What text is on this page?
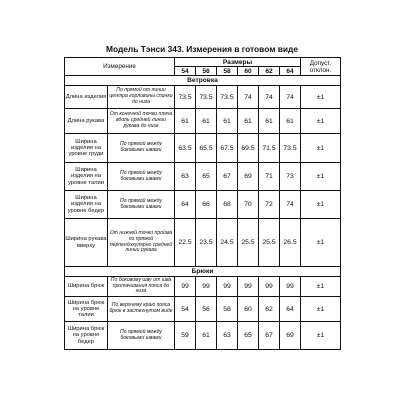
Модель Тэнси 343. Измерения в готовом виде
Измерение		Размеры						Допуст. отклон.
		54	56	58	60	62	64	
Ветровка								
Длина изделия	По прямой от линии центра горловины спинки до низа	73.5	73.5	73.5	74	74	74	±1
Длина рукава	От конечной точки плеча вдоль средней линии рукава до низа	61	61	61	61	61	61	±1
Ширина изделия на уровне груди	По прямой между боковыми швами	63.5	65.5	67.5	69.5	71.5	73.5	±1
Ширина изделия на уровне талии	По прямой между боковыми швами	63	65	67	69	71	73	±1
Ширина изделия на уровне бедер	По прямой между боковыми швами	64	66	68	70	72	74	±1
Ширина рукава вверху	От нижней точки пройма по прямой перпендикулярно средней линии рукава	22.5	23.5	24.5	25.5	25.5	26.5	±1
Брюки								
Ширина брюк	По боковому шву от шва притачивания пояса до низа	99	99	99	99	99	99	±1
Ширина брюк на уровне талии	По верхнему краю пояса брюк в застегнутом виде	54	56	58	60	62	64	±1
Ширина брюк на уровне бедер	По прямой между боковыми швами	59	61	63	65	67	69	±1
